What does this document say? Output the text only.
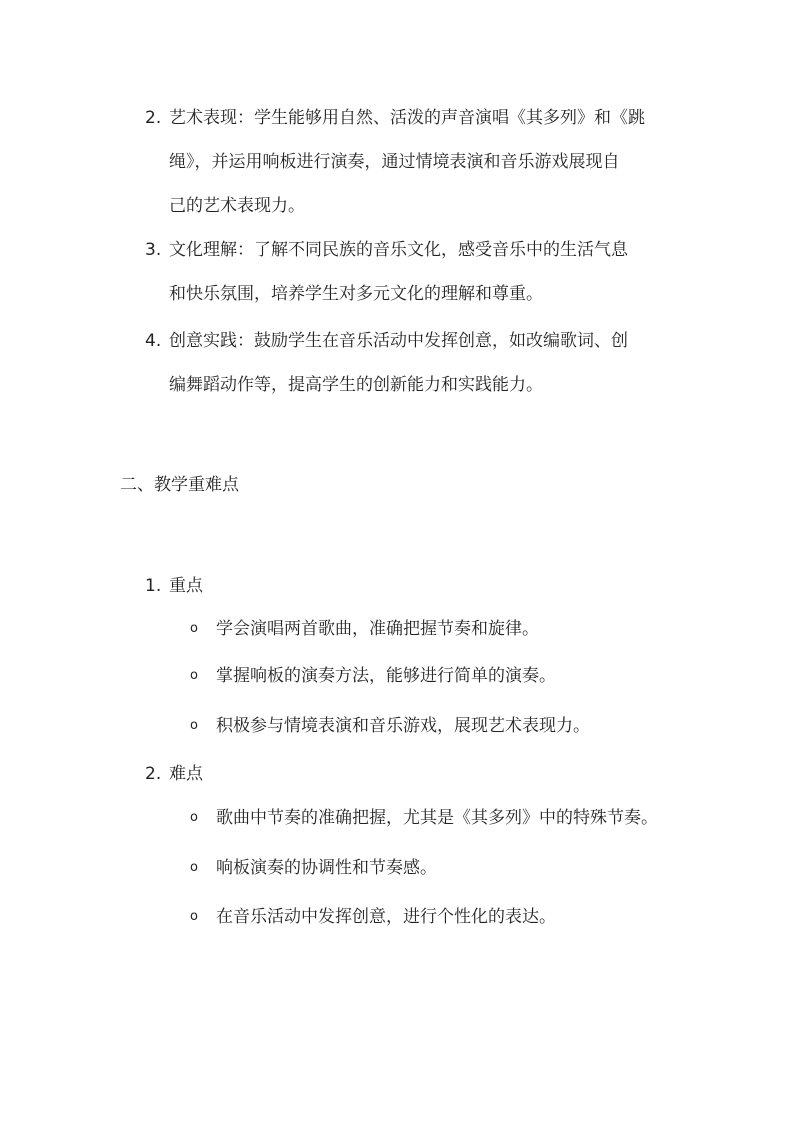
2. 艺术表现：学生能够用自然、活泼的声音演唱《其多列》和《跳
绳》，并运用响板进行演奏，通过情境表演和音乐游戏展现自
己的艺术表现力。
3. 文化理解：了解不同民族的音乐文化，感受音乐中的生活气息
和快乐氛围，培养学生对多元文化的理解和尊重。
4. 创意实践：鼓励学生在音乐活动中发挥创意，如改编歌词、创
编舞蹈动作等，提高学生的创新能力和实践能力。
二、教学重难点
1. 重点
o 学会演唱两首歌曲，准确把握节奏和旋律。
o 掌握响板的演奏方法，能够进行简单的演奏。
o 积极参与情境表演和音乐游戏，展现艺术表现力。
2. 难点
o 歌曲中节奏的准确把握，尤其是《其多列》中的特殊节奏。
o 响板演奏的协调性和节奏感。
o 在音乐活动中发挥创意，进行个性化的表达。
